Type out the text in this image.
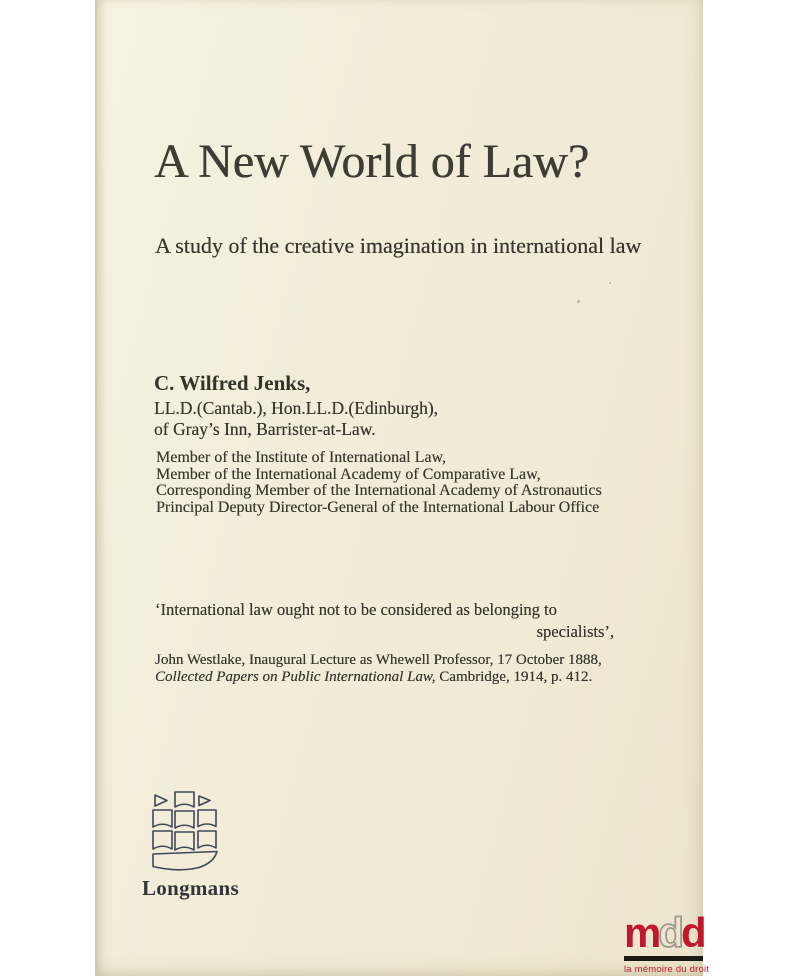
A New World of Law?
A study of the creative imagination in international law
C. Wilfred Jenks,
LL.D.(Cantab.), Hon.LL.D.(Edinburgh),
of Gray’s Inn, Barrister-at-Law.
Member of the Institute of International Law,
Member of the International Academy of Comparative Law,
Corresponding Member of the International Academy of Astronautics
Principal Deputy Director-General of the International Labour Office
‘International law ought not to be considered as belonging to
specialists’,
John Westlake, Inaugural Lecture as Whewell Professor, 17 October 1888,
Collected Papers on Public International Law, Cambridge, 1914, p. 412.
Longmans
mdd
la mémoire du droit
